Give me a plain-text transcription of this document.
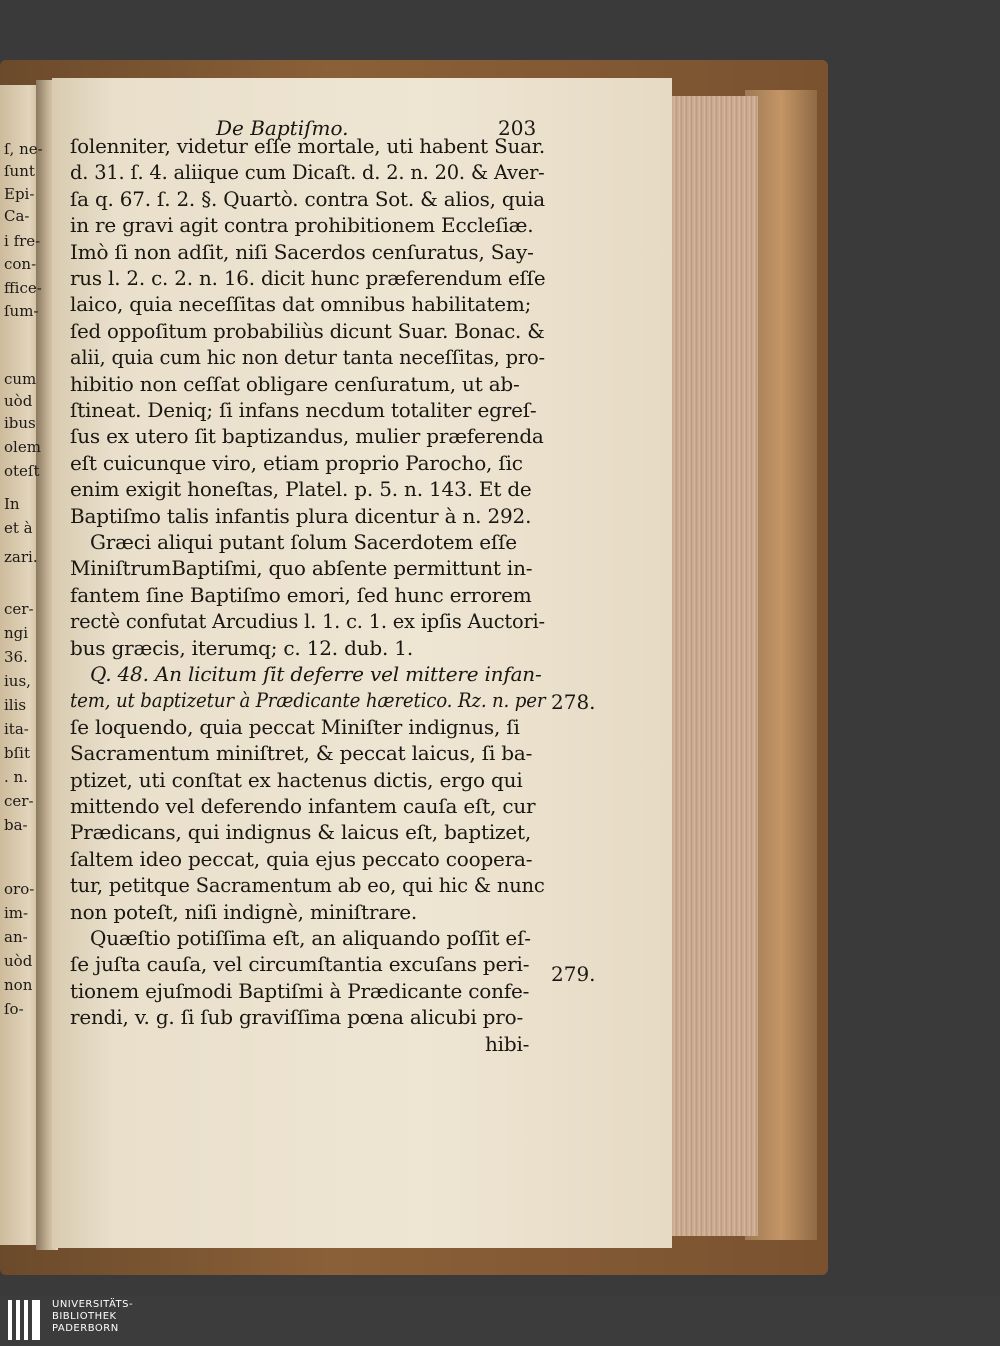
ſ, ne-
ſunt
Epi-
Ca-
i fre-
con-
ffice-
ſum-
cum
uòd
ibus
olem
oteſt
In
et à
zari.
cer-
ngi
36.
ius,
ilis
ita-
bſit
. n.
cer-
ba-
oro-
im-
an-
uòd
non
ſo-
De Baptiſmo.	203
ſolenniter, videtur eſſe mortale, uti habent Suar.
d. 31. ſ. 4. aliique cum Dicaſt. d. 2. n. 20. & Aver-
ſa q. 67. ſ. 2. §. Quartò. contra Sot. & alios, quia
in re gravi agit contra prohibitionem Eccleſiæ.
Imò ſi non adſit, niſi Sacerdos cenſuratus, Say-
rus l. 2. c. 2. n. 16. dicit hunc præferendum eſſe
laico, quia neceſſitas dat omnibus habilitatem;
ſed oppoſitum probabiliùs dicunt Suar. Bonac. &
alii, quia cum hic non detur tanta neceſſitas, pro-
hibitio non ceſſat obligare cenſuratum, ut ab-
ſtineat. Deniq; ſi infans necdum totaliter egreſ-
ſus ex utero ſit baptizandus, mulier præferenda
eſt cuicunque viro, etiam proprio Parocho, ſic
enim exigit honeſtas, Platel. p. 5. n. 143. Et de
Baptiſmo talis infantis plura dicentur à n. 292.
Græci aliqui putant ſolum Sacerdotem eſſe
MiniſtrumBaptiſmi, quo abſente permittunt in-
fantem ſine Baptiſmo emori, ſed hunc errorem
rectè confutat Arcudius l. 1. c. 1. ex ipſis Auctori-
bus græcis, iterumq; c. 12. dub. 1.
Q. 48. An licitum ſit deferre vel mittere infan-
tem, ut baptizetur à Prædicante hæretico. Rz. n. per
ſe loquendo, quia peccat Miniſter indignus, ſi
Sacramentum miniſtret, & peccat laicus, ſi ba-
ptizet, uti conſtat ex hactenus dictis, ergo qui
mittendo vel deferendo infantem cauſa eſt, cur
Prædicans, qui indignus & laicus eſt, baptizet,
ſaltem ideo peccat, quia ejus peccato coopera-
tur, petitque Sacramentum ab eo, qui hic & nunc
non poteſt, niſi indignè, miniſtrare.
Quæſtio potiſſima eſt, an aliquando poſſit eſ-
ſe juſta cauſa, vel circumſtantia excuſans peri-
tionem ejuſmodi Baptiſmi à Prædicante confe-
rendi, v. g. ſi ſub graviſſima pœna alicubi pro-
hibi-
278.
279.
UNIVERSITÄTS-
BIBLIOTHEK
PADERBORN
